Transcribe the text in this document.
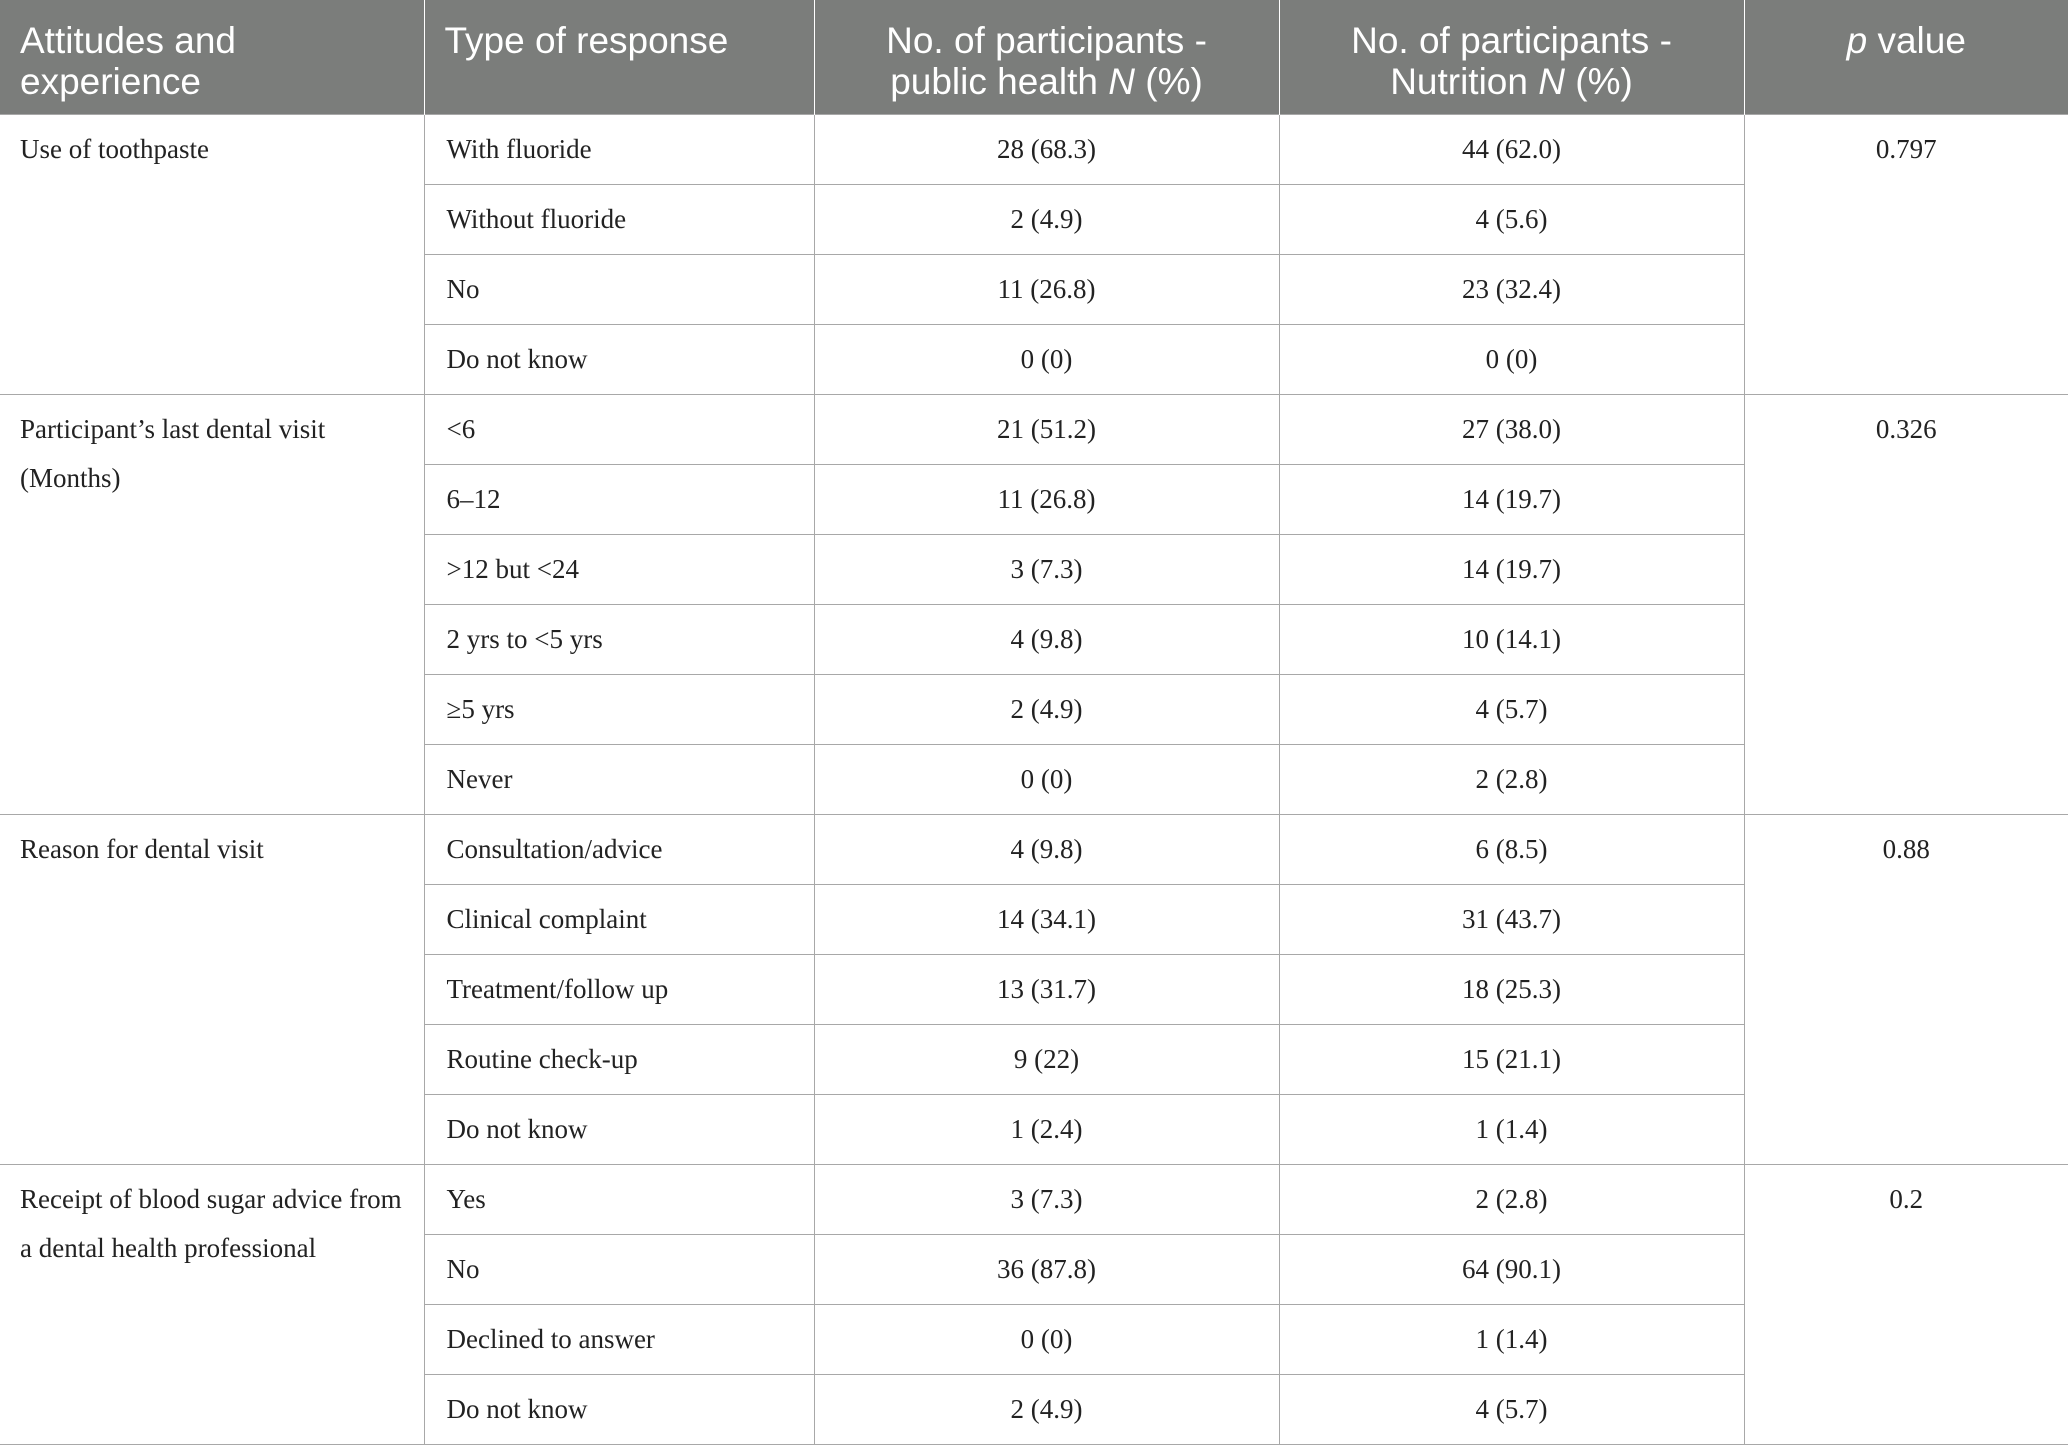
Attitudes and experience	Type of response	No. of participants - public health N (%)	No. of participants - Nutrition N (%)	p value
Use of toothpaste	With fluoride	28 (68.3)	44 (62.0)	0.797
	Without fluoride	2 (4.9)	4 (5.6)	
	No	11 (26.8)	23 (32.4)	
	Do not know	0 (0)	0 (0)	
Participant’s last dental visit (Months)	<6	21 (51.2)	27 (38.0)	0.326
	6–12	11 (26.8)	14 (19.7)	
	>12 but <24	3 (7.3)	14 (19.7)	
	2 yrs to <5 yrs	4 (9.8)	10 (14.1)	
	≥5 yrs	2 (4.9)	4 (5.7)	
	Never	0 (0)	2 (2.8)	
Reason for dental visit	Consultation/advice	4 (9.8)	6 (8.5)	0.88
	Clinical complaint	14 (34.1)	31 (43.7)	
	Treatment/follow up	13 (31.7)	18 (25.3)	
	Routine check-up	9 (22)	15 (21.1)	
	Do not know	1 (2.4)	1 (1.4)	
Receipt of blood sugar advice from a dental health professional	Yes	3 (7.3)	2 (2.8)	0.2
	No	36 (87.8)	64 (90.1)	
	Declined to answer	0 (0)	1 (1.4)	
	Do not know	2 (4.9)	4 (5.7)	
